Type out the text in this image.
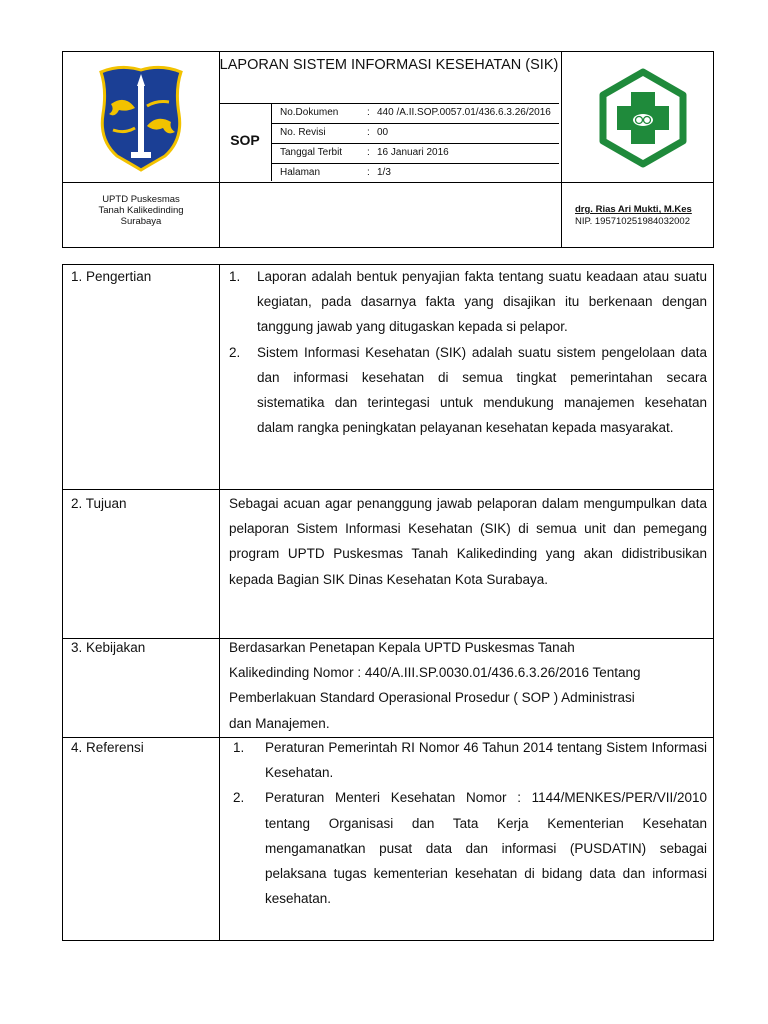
LAPORAN SISTEM INFORMASI KESEHATAN (SIK)
SOP
No.Dokumen	: 440 /A.II.SOP.0057.01/436.6.3.26/2016
No. Revisi	: 00
Tanggal Terbit : 16 Januari 2016
Halaman	: 1/3
UPTD Puskesmas
Tanah Kalikedinding
Surabaya
drg. Rias Ari Mukti, M.Kes
NIP. 195710251984032002
1. Pengertian	1. Laporan adalah bentuk penyajian fakta tentang suatu keadaan atau suatu kegiatan, pada dasarnya fakta yang disajikan itu berkenaan dengan tanggung jawab yang ditugaskan kepada si pelapor.
2. Sistem Informasi Kesehatan (SIK) adalah suatu sistem pengelolaan data dan informasi kesehatan di semua tingkat pemerintahan secara sistematika dan terintegasi untuk mendukung manajemen kesehatan dalam rangka peningkatan pelayanan kesehatan kepada masyarakat.
2. Tujuan	Sebagai acuan agar penanggung jawab pelaporan dalam mengumpulkan data pelaporan Sistem Informasi Kesehatan (SIK) di semua unit dan pemegang program UPTD Puskesmas Tanah Kalikedinding yang akan didistribusikan kepada Bagian SIK Dinas Kesehatan Kota Surabaya.
3. Kebijakan	Berdasarkan Penetapan Kepala UPTD Puskesmas Tanah
Kalikedinding Nomor : 440/A.III.SP.0030.01/436.6.3.26/2016 Tentang
Pemberlakuan Standard Operasional Prosedur ( SOP ) Administrasi
dan Manajemen.
4. Referensi	1. Peraturan Pemerintah RI Nomor 46 Tahun 2014 tentang Sistem Informasi Kesehatan.
2. Peraturan Menteri Kesehatan Nomor : 1144/MENKES/PER/VII/2010 tentang Organisasi dan Tata Kerja Kementerian Kesehatan mengamanatkan pusat data dan informasi (PUSDATIN) sebagai pelaksana tugas kementerian kesehatan di bidang data dan informasi kesehatan.
